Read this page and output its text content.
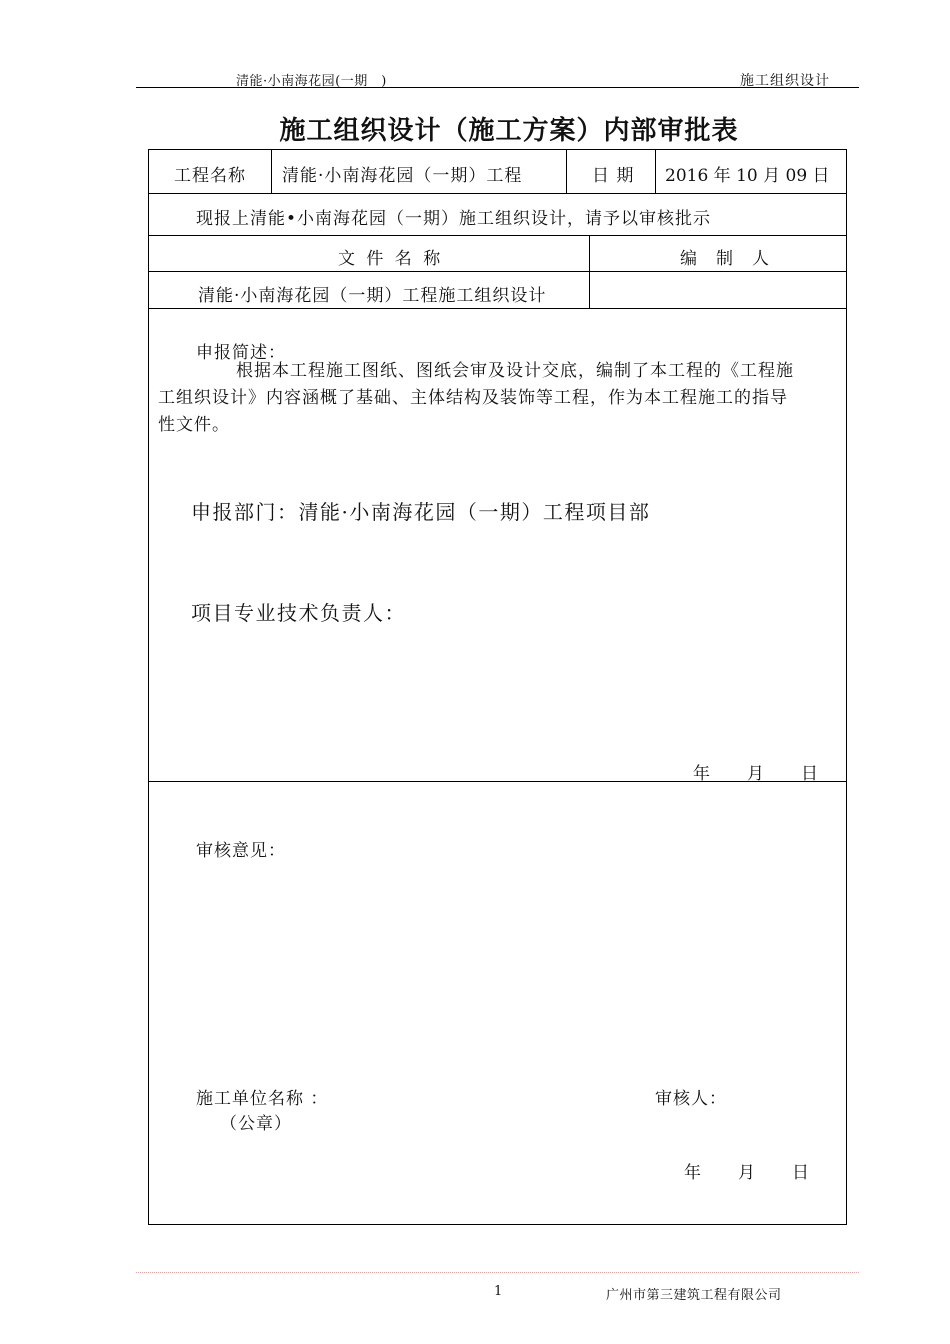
清能·小南海花园(一期　)	施工组织设计
施工组织设计（施工方案）内部审批表
工程名称 清能·小南海花园（一期）工程	日 期 2016 年 10 月 09 日
现报上清能•小南海花园（一期）施工组织设计，请予以审核批示
文 件 名 称	编　制　人
清能·小南海花园（一期）工程施工组织设计
申报简述：
根据本工程施工图纸、图纸会审及设计交底，编制了本工程的《工程施
工组织设计》内容涵概了基础、主体结构及装饰等工程，作为本工程施工的指导
性文件。
申报部门：清能·小南海花园（一期）工程项目部
项目专业技术负责人：
年　　月　　日
审核意见：
施工单位名称 ：
（公章）
审核人：
年　　月　　日
1	广州市第三建筑工程有限公司
